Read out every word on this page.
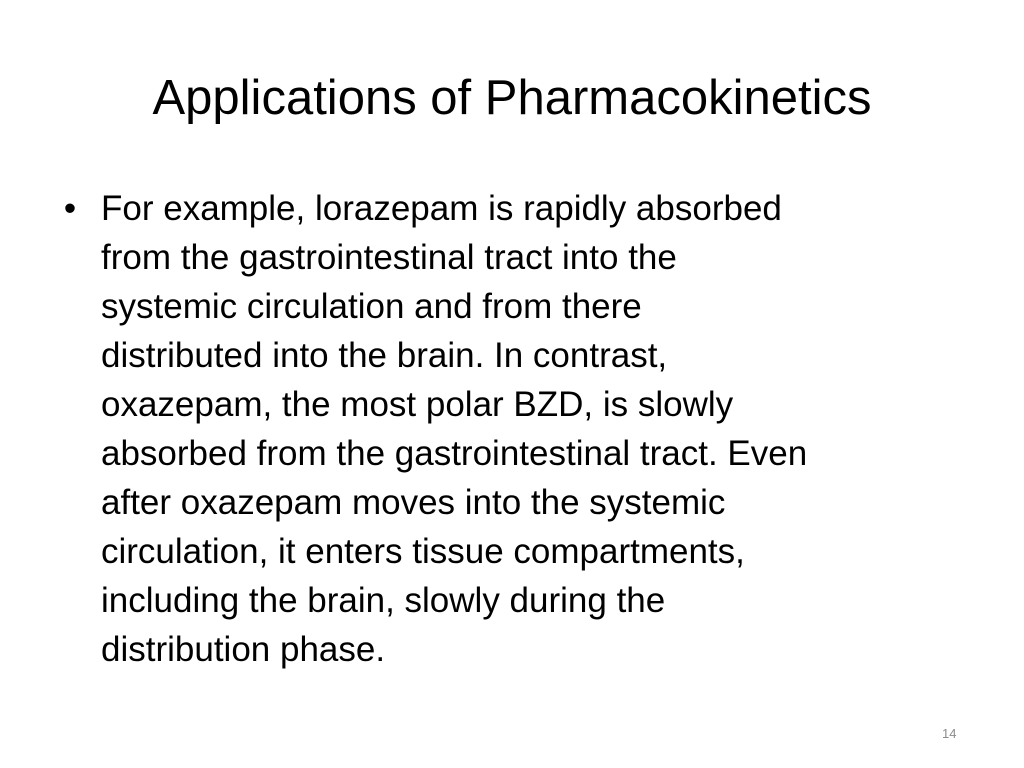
Applications of Pharmacokinetics
• For example, lorazepam is rapidly absorbed
from the gastrointestinal tract into the
systemic circulation and from there
distributed into the brain. In contrast,
oxazepam, the most polar BZD, is slowly
absorbed from the gastrointestinal tract. Even
after oxazepam moves into the systemic
circulation, it enters tissue compartments,
including the brain, slowly during the
distribution phase.
14
